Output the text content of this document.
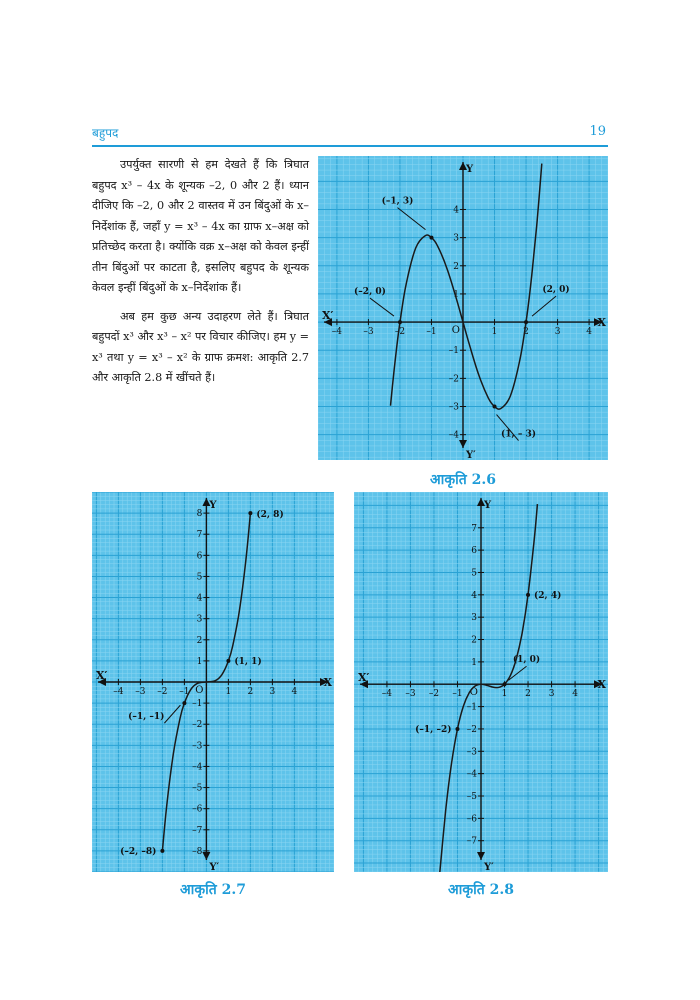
बहुपद	19

उपर्युक्त सारणी से हम देखते हैं कि त्रिघात बहुपद x³ – 4x के शून्यक –2, 0 और 2 हैं। ध्यान दीजिए कि –2, 0 और 2 वास्तव में उन बिंदुओं के x–निर्देशांक हैं, जहाँ y = x³ – 4x का ग्राफ x–अक्ष को प्रतिच्छेद करता है। क्योंकि वक्र x–अक्ष को केवल इन्हीं तीन बिंदुओं पर काटता है, इसलिए बहुपद के शून्यक केवल इन्हीं बिंदुओं के x–निर्देशांक हैं।

अब हम कुछ अन्य उदाहरण लेते हैं। त्रिघात बहुपदों x³ और x³ – x² पर विचार कीजिए। हम y = x³ तथा y = x³ – x² के ग्राफ क्रमश: आकृति 2.7 और आकृति 2.8 में खींचते हैं।

X
X′
Y
Y′
O
–4 –3 –2 –1	1	2	3	4
–4
–3
–2
–1
1
2
3
4
(–1, 3)
(–2, 0)	(2, 0)
(1, – 3)
आकृति 2.6
X
X′
Y
Y′
O
–4 –3 –2 –1	1 2 3 4
–8
–7
–6
–5
–4
–3
–2
–1
1
2
3
4
5
6
7
8	(2, 8)
(1, 1)
(–1, –1)
(–2, –8)
आकृति 2.7
X
X′
Y
Y′
O
–4 –3 –2 –1	1 2 3 4
–7
–6
–5
–4
–3
–2
–1
1
2
3
4
5
6
7
(2, 4)
(1, 0)
(–1, –2)
आकृति 2.8
